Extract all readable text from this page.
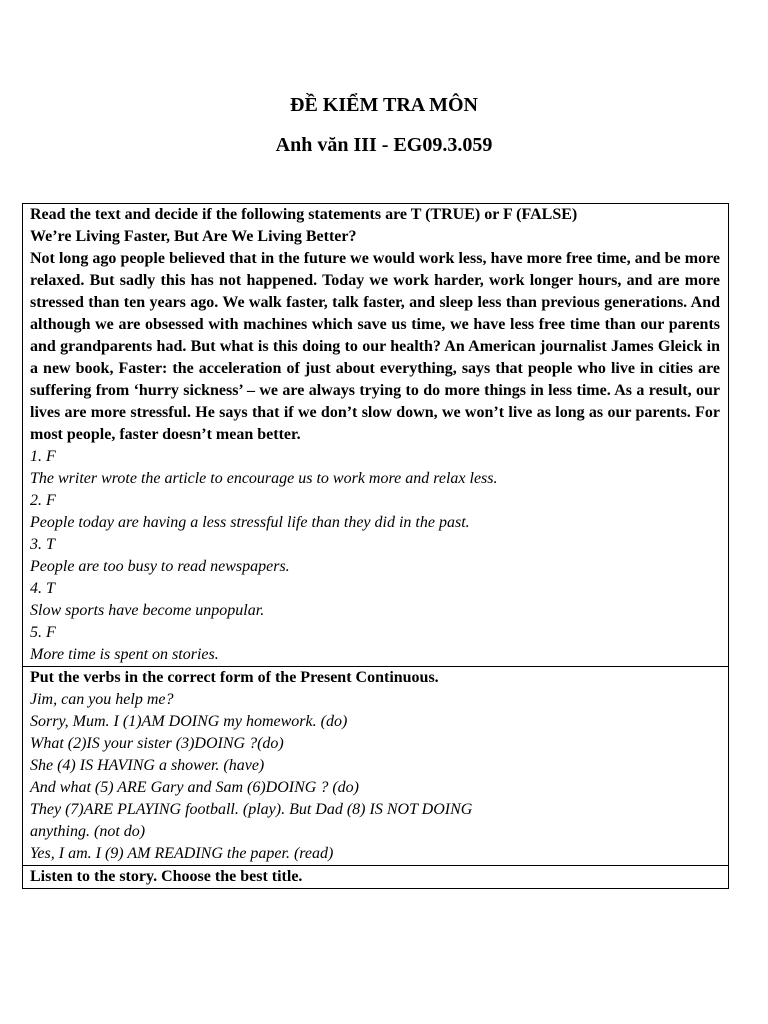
ĐỀ KIỂM TRA MÔN
Anh văn III - EG09.3.059
Read the text and decide if the following statements are T (TRUE) or F (FALSE)
We’re Living Faster, But Are We Living Better?
Not long ago people believed that in the future we would work less, have more free time, and be more relaxed. But sadly this has not happened. Today we work harder, work longer hours, and are more stressed than ten years ago. We walk faster, talk faster, and sleep less than previous generations. And although we are obsessed with machines which save us time, we have less free time than our parents and grandparents had. But what is this doing to our health? An American journalist James Gleick in a new book, Faster: the acceleration of just about everything, says that people who live in cities are suffering from ‘hurry sickness’ – we are always trying to do more things in less time. As a result, our lives are more stressful. He says that if we don’t slow down, we won’t live as long as our parents. For most people, faster doesn’t mean better.
1. F
The writer wrote the article to encourage us to work more and relax less.
2. F
People today are having a less stressful life than they did in the past.
3. T
People are too busy to read newspapers.
4. T
Slow sports have become unpopular.
5. F
More time is spent on stories.

Put the verbs in the correct form of the Present Continuous.
Jim, can you help me?
Sorry, Mum. I (1)AM DOING my homework. (do)
What (2)IS your sister (3)DOING ?(do)
She (4) IS HAVING a shower. (have)
And what (5) ARE Gary and Sam (6)DOING ? (do)
They (7)ARE PLAYING football. (play). But Dad (8) IS NOT DOING
anything. (not do)
Yes, I am. I (9) AM READING the paper. (read)

Listen to the story. Choose the best title.
